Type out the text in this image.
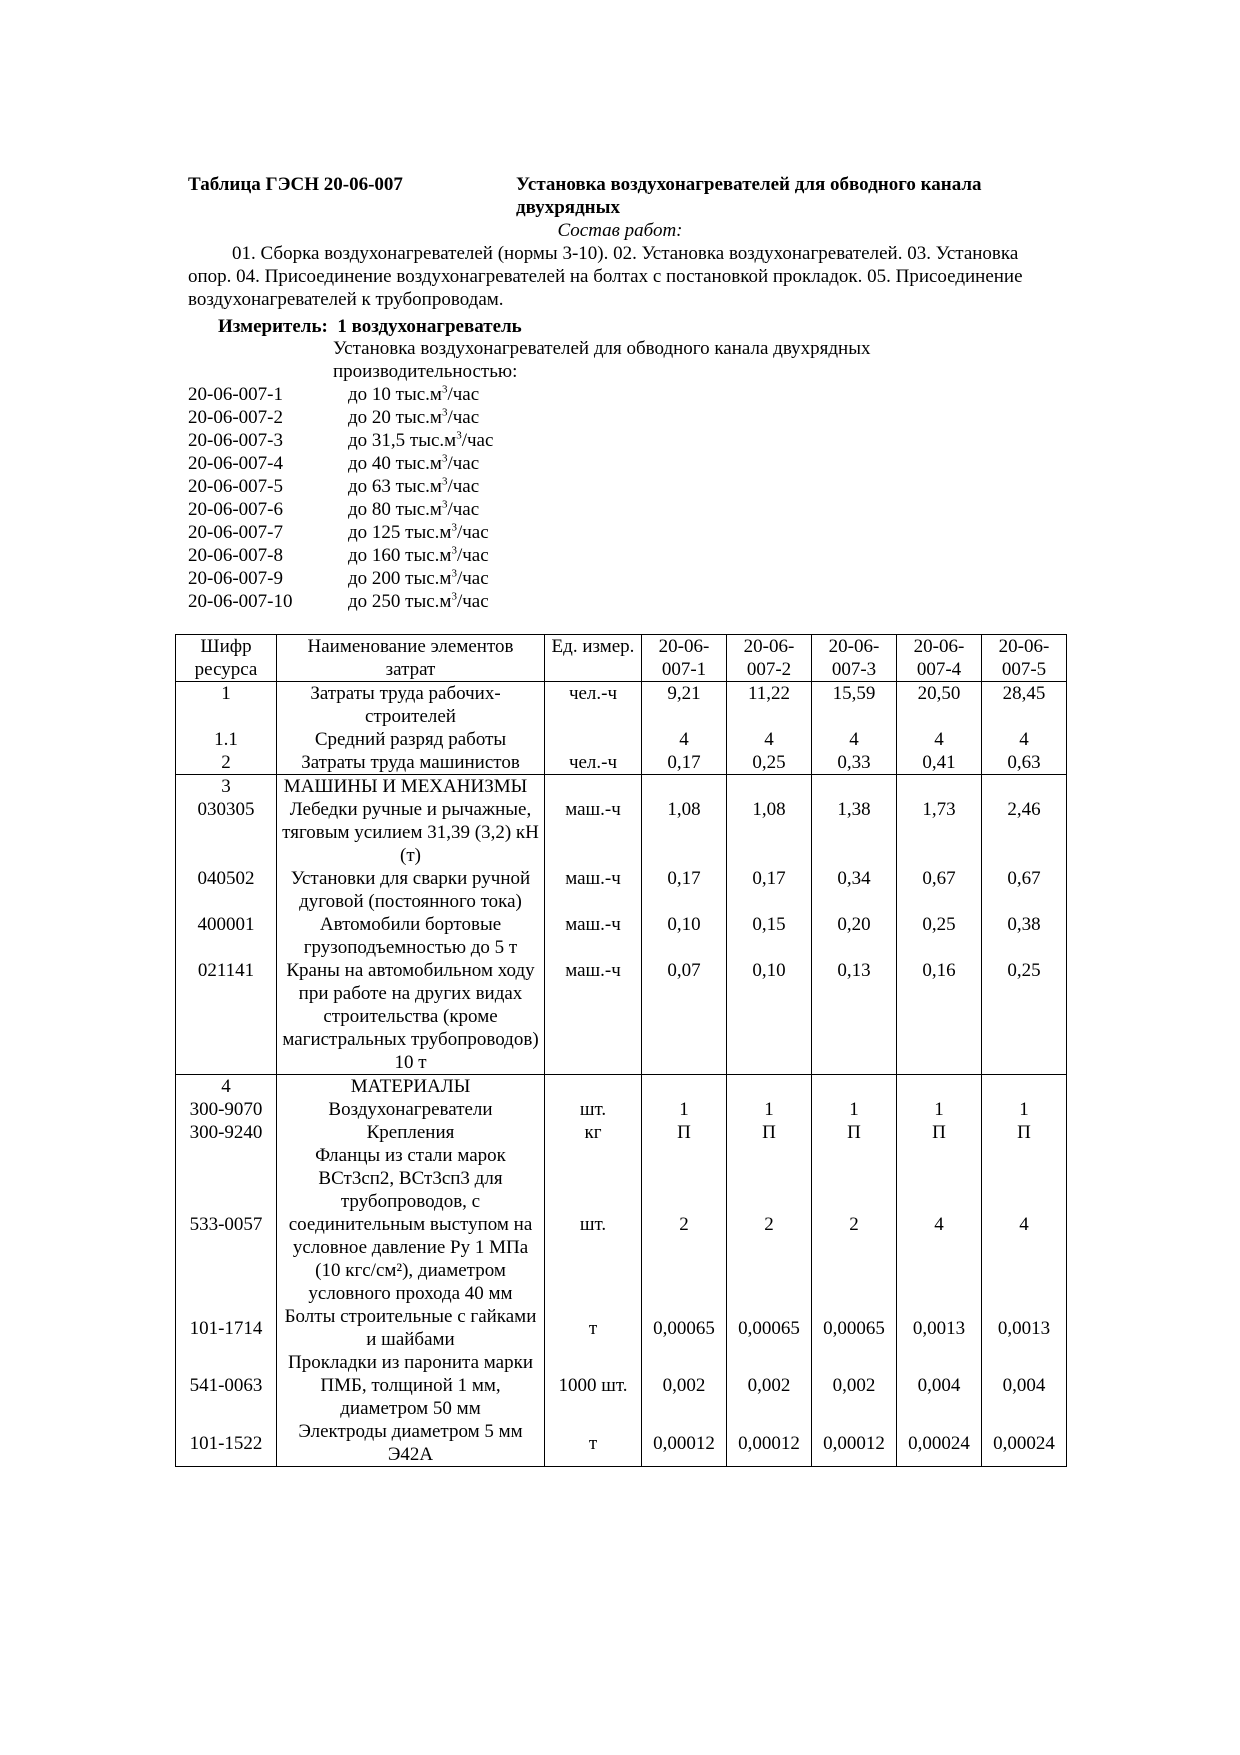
Таблица ГЭСН 20-06-007	Установка воздухонагревателей для обводного канала двухрядных
Состав работ:
01. Сборка воздухонагревателей (нормы 3-10). 02. Установка воздухонагревателей. 03. Установка опор. 04. Присоединение воздухонагревателей на болтах с постановкой прокладок. 05. Присоединение воздухонагревателей к трубопроводам.
Измеритель: 1 воздухонагреватель
Установка воздухонагревателей для обводного канала двухрядных производительностью:
20-06-007-1	до 10 $тыс.м^3$/час
20-06-007-2	до 20 $тыс.м^3$/час
20-06-007-3	до 31,5 $тыс.м^3$/час
20-06-007-4	до 40 $тыс.м^3$/час
20-06-007-5	до 63 $тыс.м^3$/час
20-06-007-6	до 80 $тыс.м^3$/час
20-06-007-7	до 125 $тыс.м^3$/час
20-06-007-8	до 160 $тыс.м^3$/час
20-06-007-9	до 200 $тыс.м^3$/час
20-06-007-10	до 250 $тыс.м^3$/час
Шифр ресурса	Наименование элементов затрат	Ед. измер.	20-06-007-1	20-06-007-2	20-06-007-3	20-06-007-4	20-06-007-5
1	Затраты труда рабочих-строителей	чел.-ч	9,21	11,22	15,59	20,50	28,45
1.1	Средний разряд работы		4	4	4	4	4
2	Затраты труда машинистов	чел.-ч	0,17	0,25	0,33	0,41	0,63
3	МАШИНЫ И МЕХАНИЗМЫ						
030305	Лебедки ручные и рычажные, тяговым усилием 31,39 (3,2) кН (т)	маш.-ч	1,08	1,08	1,38	1,73	2,46
040502	Установки для сварки ручной дуговой (постоянного тока)	маш.-ч	0,17	0,17	0,34	0,67	0,67
400001	Автомобили бортовые грузоподъемностью до 5 т	маш.-ч	0,10	0,15	0,20	0,25	0,38
021141	Краны на автомобильном ходу при работе на других видах строительства (кроме магистральных трубопроводов) 10 т	маш.-ч	0,07	0,10	0,13	0,16	0,25
4	МАТЕРИАЛЫ						
300-9070	Воздухонагреватели	шт.	1	1	1	1	1
300-9240	Крепления	кг	П	П	П	П	П
533-0057	Фланцы из стали марок ВСт3сп2, ВСт3сп3 для трубопроводов, с соединительным выступом на условное давление Ру 1 МПа (10 кгс/см²), диаметром условного прохода 40 мм	шт.	2	2	2	4	4
101-1714	Болты строительные с гайками и шайбами	т	0,00065	0,00065	0,00065	0,0013	0,0013
541-0063	Прокладки из паронита марки ПМБ, толщиной 1 мм, диаметром 50 мм	1000 шт.	0,002	0,002	0,002	0,004	0,004
101-1522	Электроды диаметром 5 мм Э42А	т	0,00012	0,00012	0,00012	0,00024	0,00024
